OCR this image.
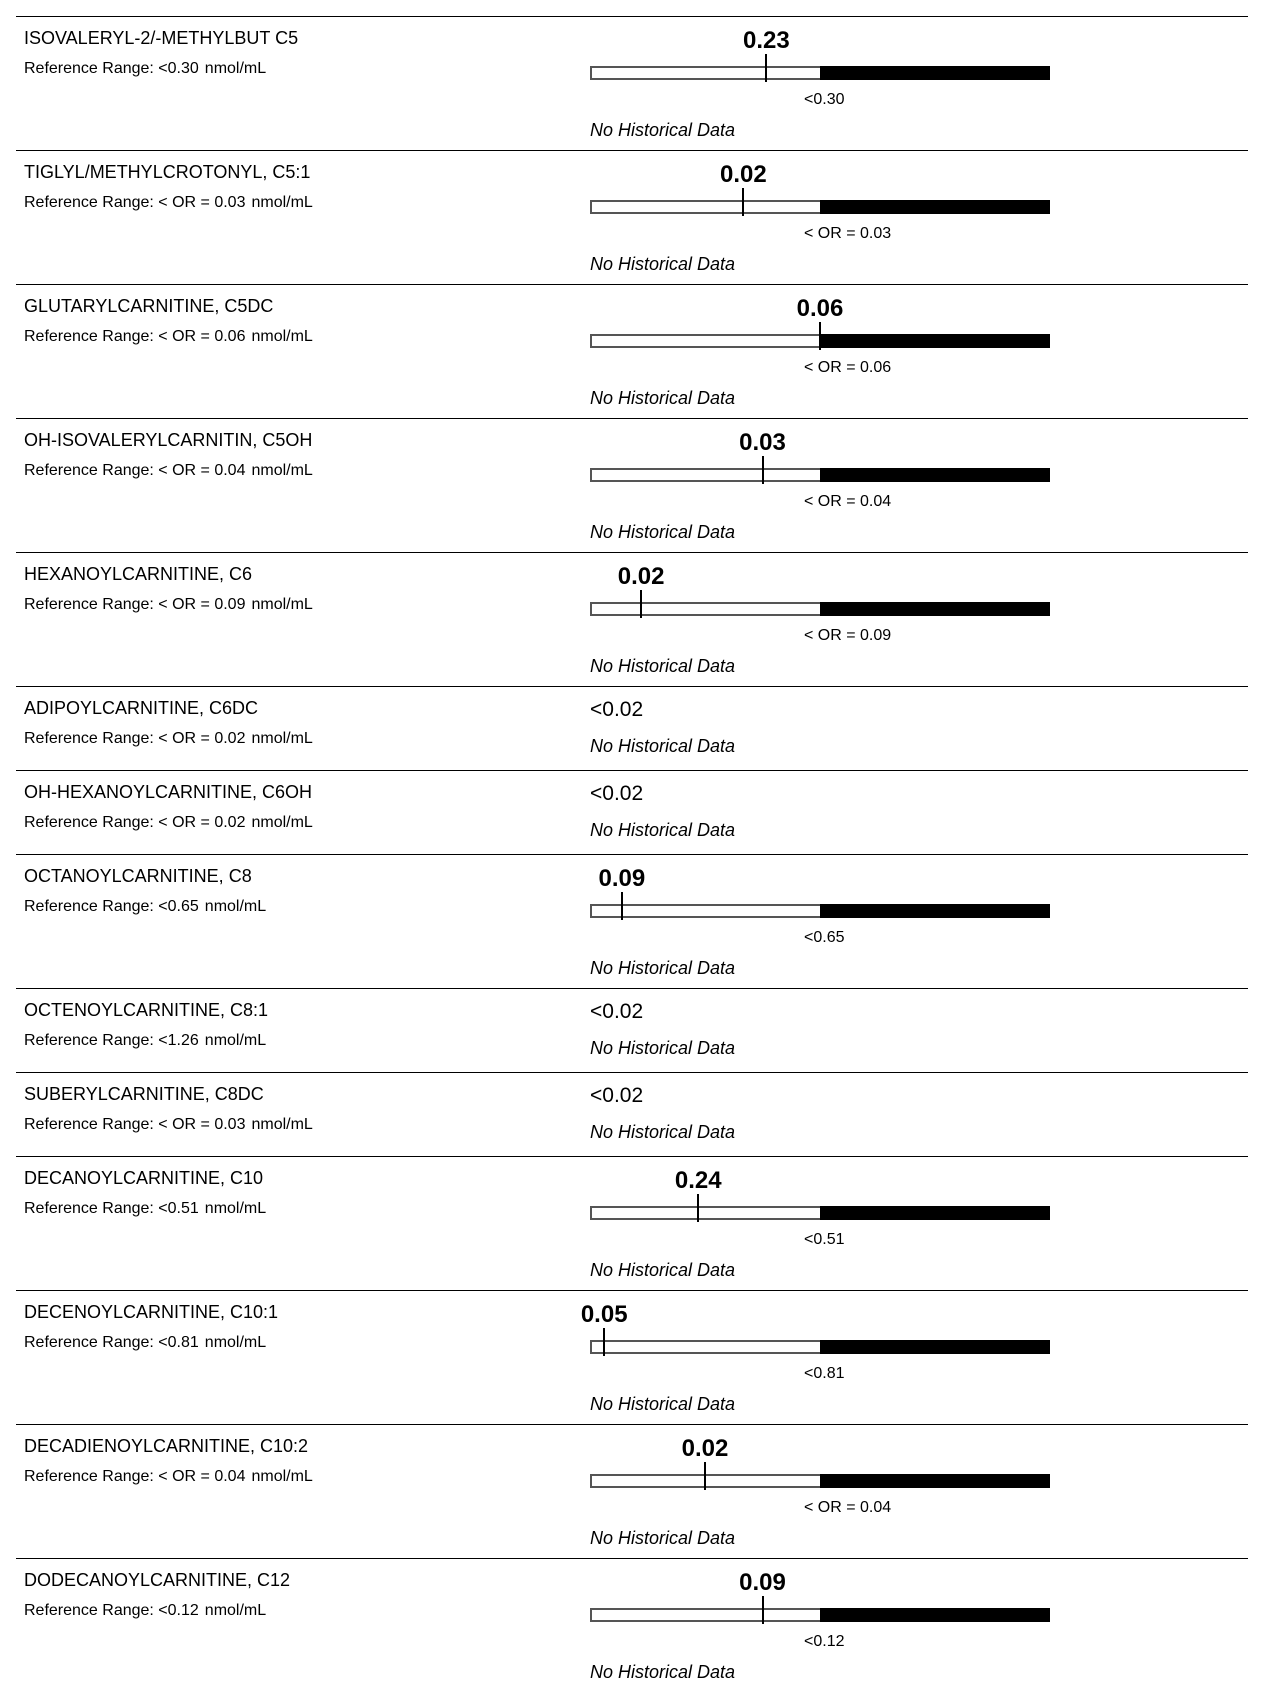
ISOVALERYL-2/-METHYLBUT C5
Reference Range: <0.30 nmol/mL
0.23
<0.30
No Historical Data
TIGLYL/METHYLCROTONYL, C5:1
Reference Range: < OR = 0.03 nmol/mL
0.02
< OR = 0.03
No Historical Data
GLUTARYLCARNITINE, C5DC
Reference Range: < OR = 0.06 nmol/mL
0.06
< OR = 0.06
No Historical Data
OH-ISOVALERYLCARNITIN, C5OH
Reference Range: < OR = 0.04 nmol/mL
0.03
< OR = 0.04
No Historical Data
HEXANOYLCARNITINE, C6
Reference Range: < OR = 0.09 nmol/mL
0.02
< OR = 0.09
No Historical Data
ADIPOYLCARNITINE, C6DC
Reference Range: < OR = 0.02 nmol/mL
<0.02
No Historical Data
OH-HEXANOYLCARNITINE, C6OH
Reference Range: < OR = 0.02 nmol/mL
<0.02
No Historical Data
OCTANOYLCARNITINE, C8
Reference Range: <0.65 nmol/mL
0.09
<0.65
No Historical Data
OCTENOYLCARNITINE, C8:1
Reference Range: <1.26 nmol/mL
<0.02
No Historical Data
SUBERYLCARNITINE, C8DC
Reference Range: < OR = 0.03 nmol/mL
<0.02
No Historical Data
DECANOYLCARNITINE, C10
Reference Range: <0.51 nmol/mL
0.24
<0.51
No Historical Data
DECENOYLCARNITINE, C10:1
Reference Range: <0.81 nmol/mL
0.05
<0.81
No Historical Data
DECADIENOYLCARNITINE, C10:2
Reference Range: < OR = 0.04 nmol/mL
0.02
< OR = 0.04
No Historical Data
DODECANOYLCARNITINE, C12
Reference Range: <0.12 nmol/mL
0.09
<0.12
No Historical Data
